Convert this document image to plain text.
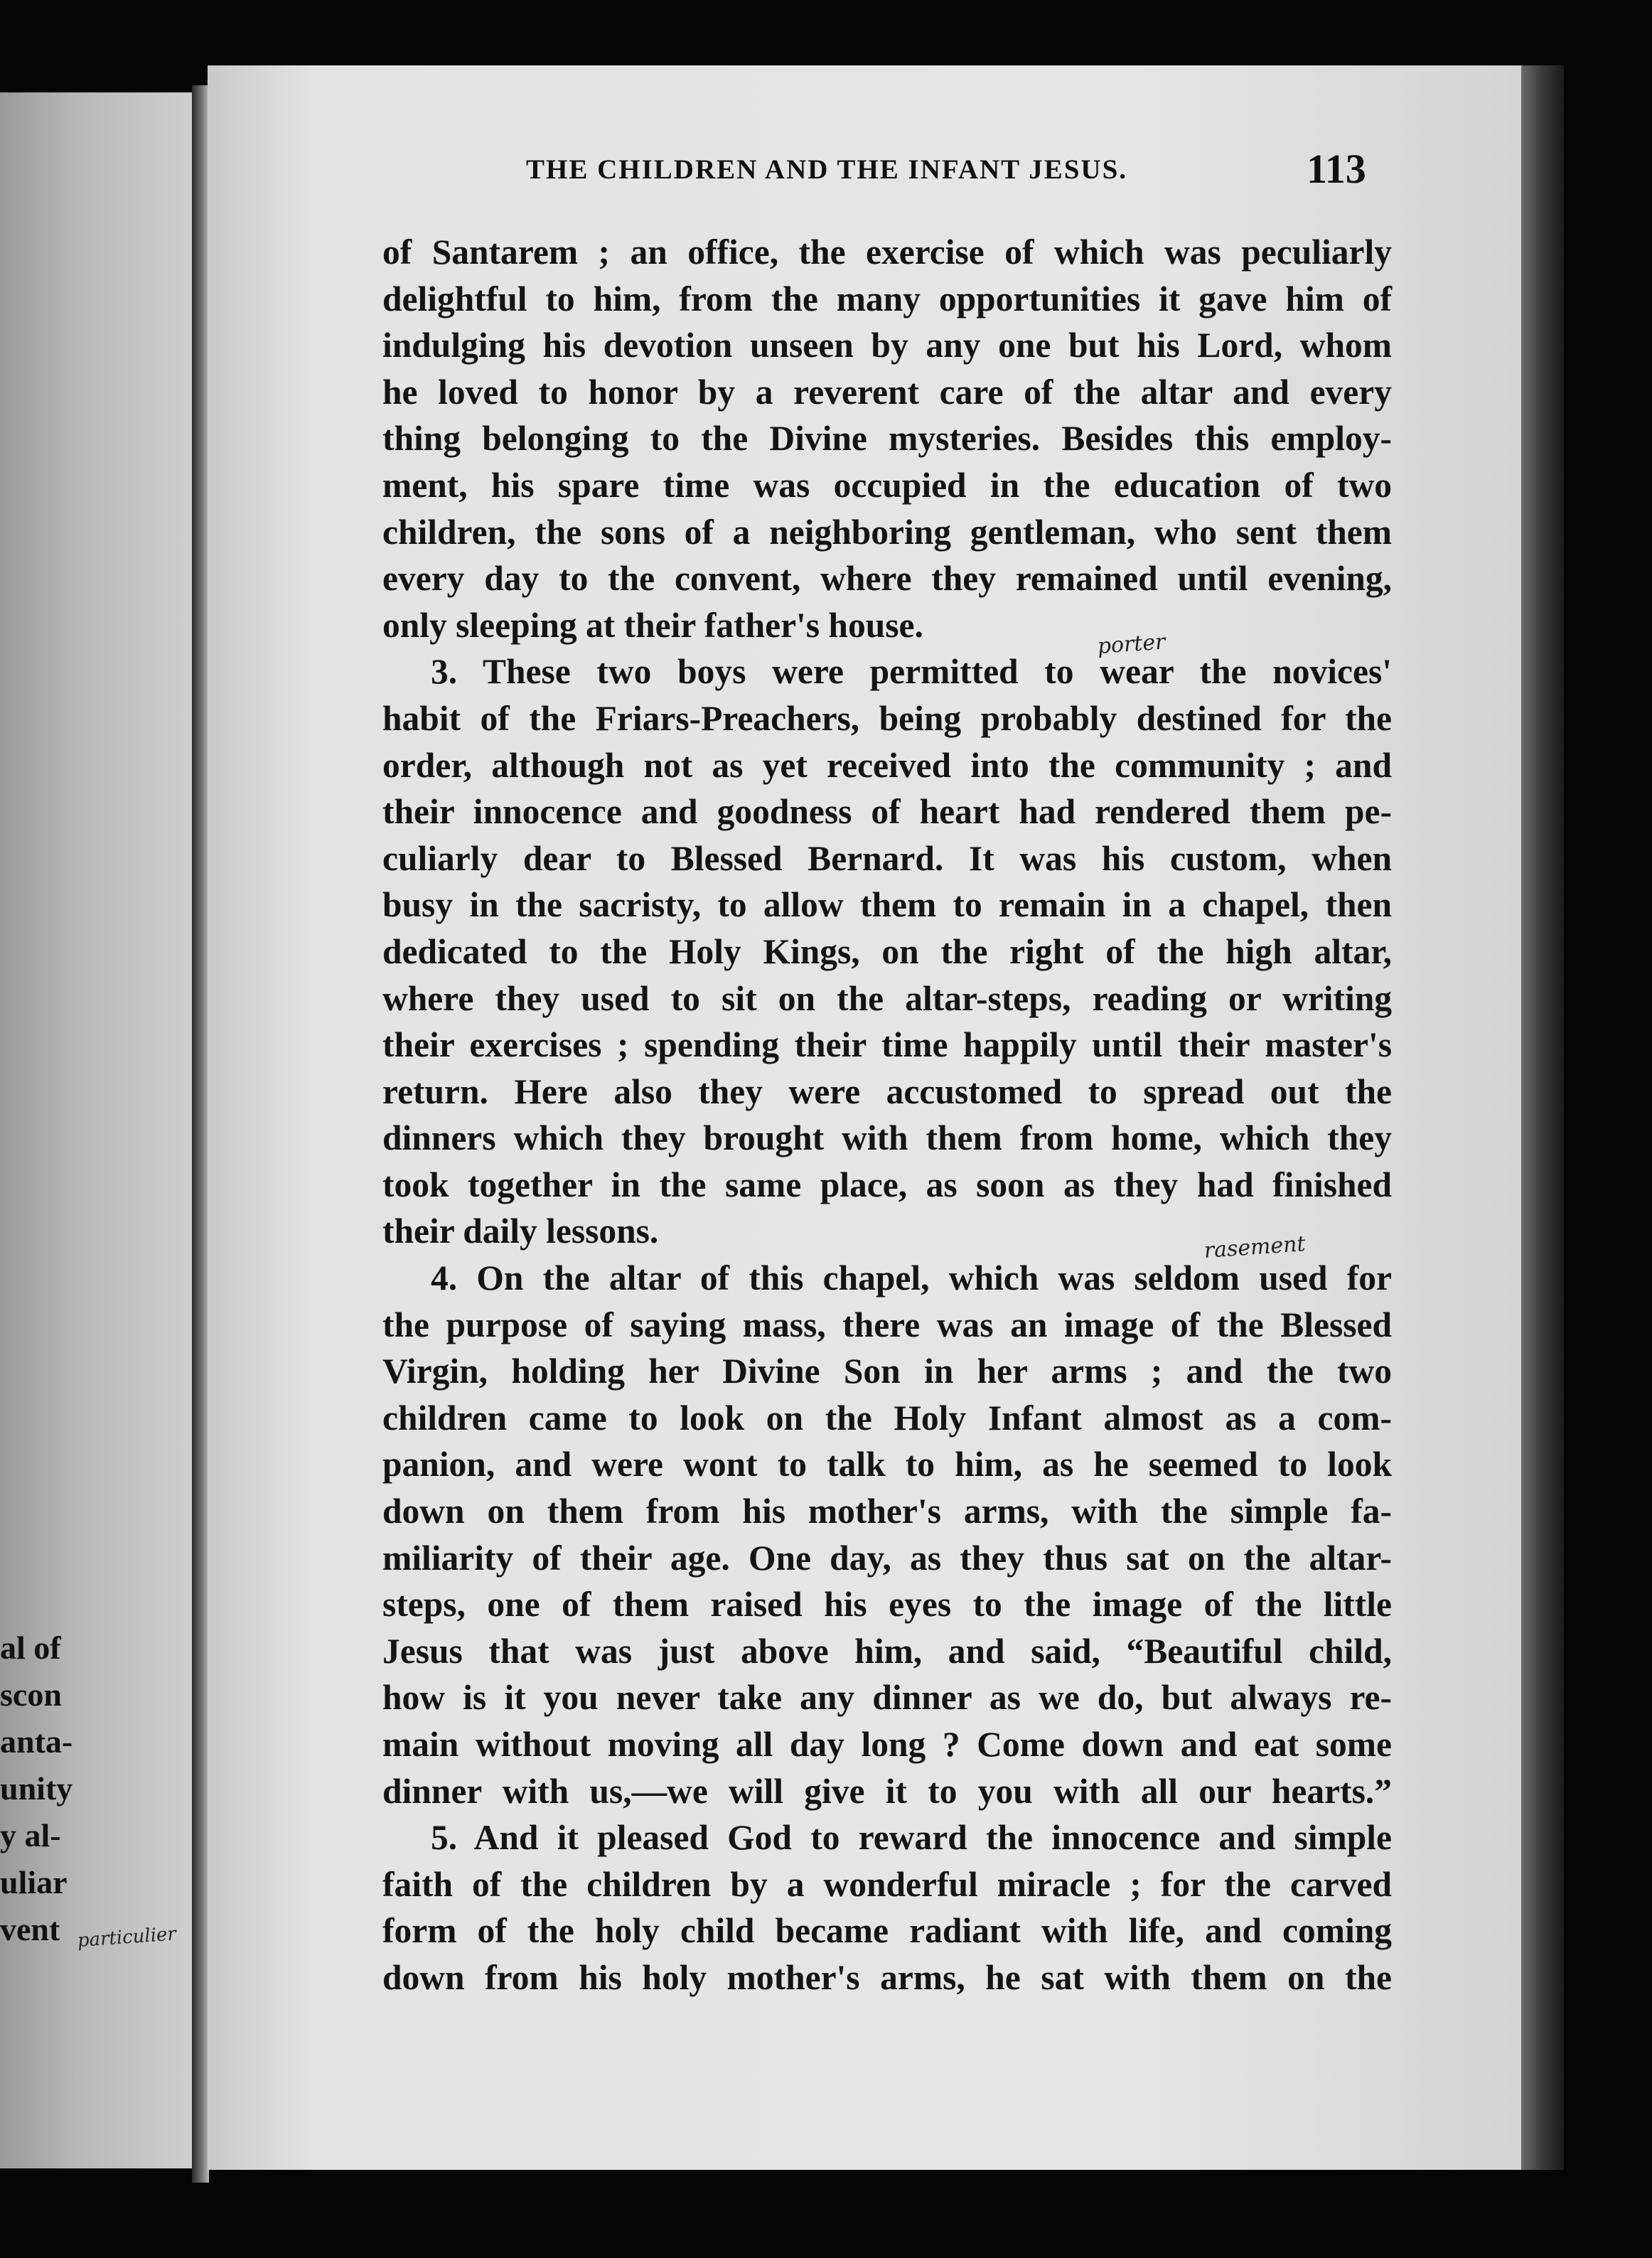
al of
scon
anta-
unity
y al-
uliar
vent
THE CHILDREN AND THE INFANT JESUS.	113
of Santarem ; an office, the exercise of which was peculiarly
delightful to him, from the many opportunities it gave him of
indulging his devotion unseen by any one but his Lord, whom
he loved to honor by a reverent care of the altar and every
thing belonging to the Divine mysteries. Besides this employ-
ment, his spare time was occupied in the education of two
children, the sons of a neighboring gentleman, who sent them
every day to the convent, where they remained until evening,
only sleeping at their father's house.
3. These two boys were permitted to wear the novices'
habit of the Friars-Preachers, being probably destined for the
order, although not as yet received into the community ; and
their innocence and goodness of heart had rendered them pe-
culiarly dear to Blessed Bernard. It was his custom, when
busy in the sacristy, to allow them to remain in a chapel, then
dedicated to the Holy Kings, on the right of the high altar,
where they used to sit on the altar-steps, reading or writing
their exercises ; spending their time happily until their master's
return. Here also they were accustomed to spread out the
dinners which they brought with them from home, which they
took together in the same place, as soon as they had finished
their daily lessons.
4. On the altar of this chapel, which was seldom used for
the purpose of saying mass, there was an image of the Blessed
Virgin, holding her Divine Son in her arms ; and the two
children came to look on the Holy Infant almost as a com-
panion, and were wont to talk to him, as he seemed to look
down on them from his mother's arms, with the simple fa-
miliarity of their age. One day, as they thus sat on the altar-
steps, one of them raised his eyes to the image of the little
Jesus that was just above him, and said, “Beautiful child,
how is it you never take any dinner as we do, but always re-
main without moving all day long ? Come down and eat some
dinner with us,—we will give it to you with all our hearts.”
5. And it pleased God to reward the innocence and simple
faith of the children by a wonderful miracle ; for the carved
form of the holy child became radiant with life, and coming
down from his holy mother's arms, he sat with them on the
porter
rasement
particulier
